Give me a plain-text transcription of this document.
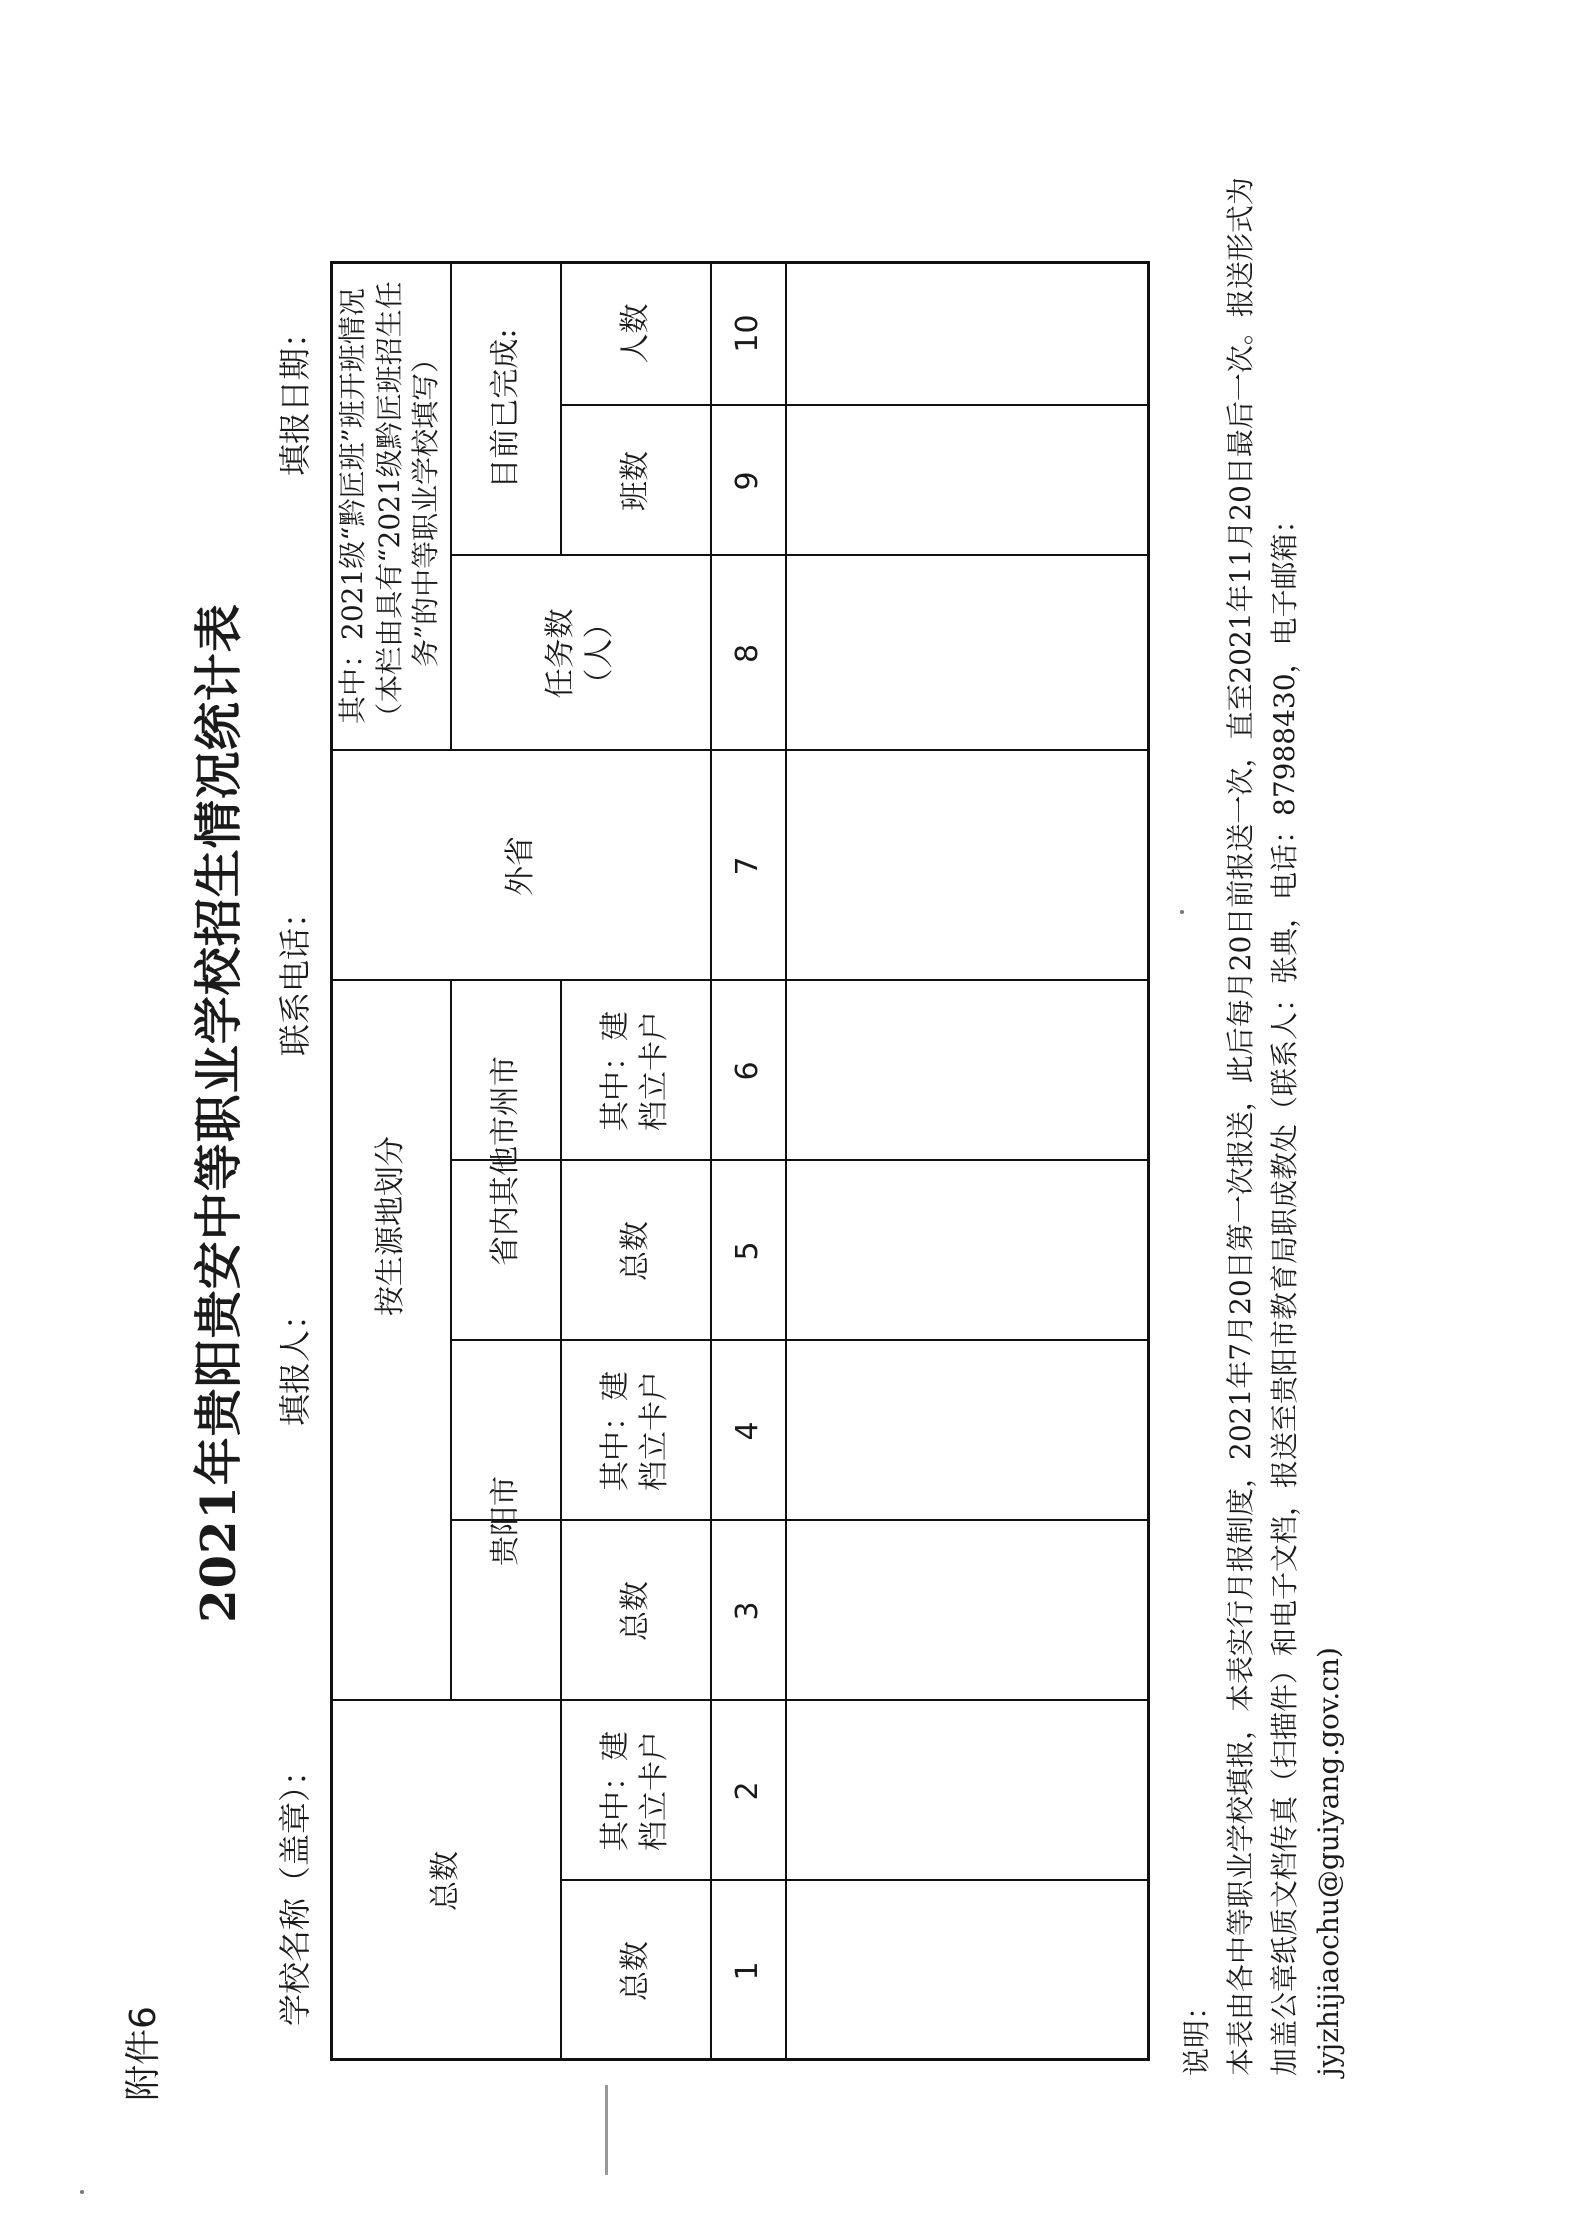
附件6
2021年贵阳贵安中等职业学校招生情况统计表
学校名称（盖章）：
填报人：
联系电话：
填报日期：
总数
按生源地划分
贵阳市
省内其他市州市
外省
其中：2021级“黔匠班”班开班情况（本栏由具有“2021级黔匠班招生任务”的中等职业学校填写）	任务数（人）
目前已完成:
总数
其中：建档立卡户
总数
其中：建档立卡户
总数
其中：建档立卡户
班数
人数
1
2
3
4
5
6
7
8
9
10

说明： 本表由各中等职业学校填报，本表实行月报制度，2021年7月20日第一次报送，此后每月20日前报送一次，直至2021年11月20日最后一次。报送形式为 加盖公章纸质文档传真（扫描件）和电子文档，报送至贵阳市教育局职成教处（联系人：张典，电话：87988430，电子邮箱： jyjzhijiaochu@guiyang.gov.cn)
